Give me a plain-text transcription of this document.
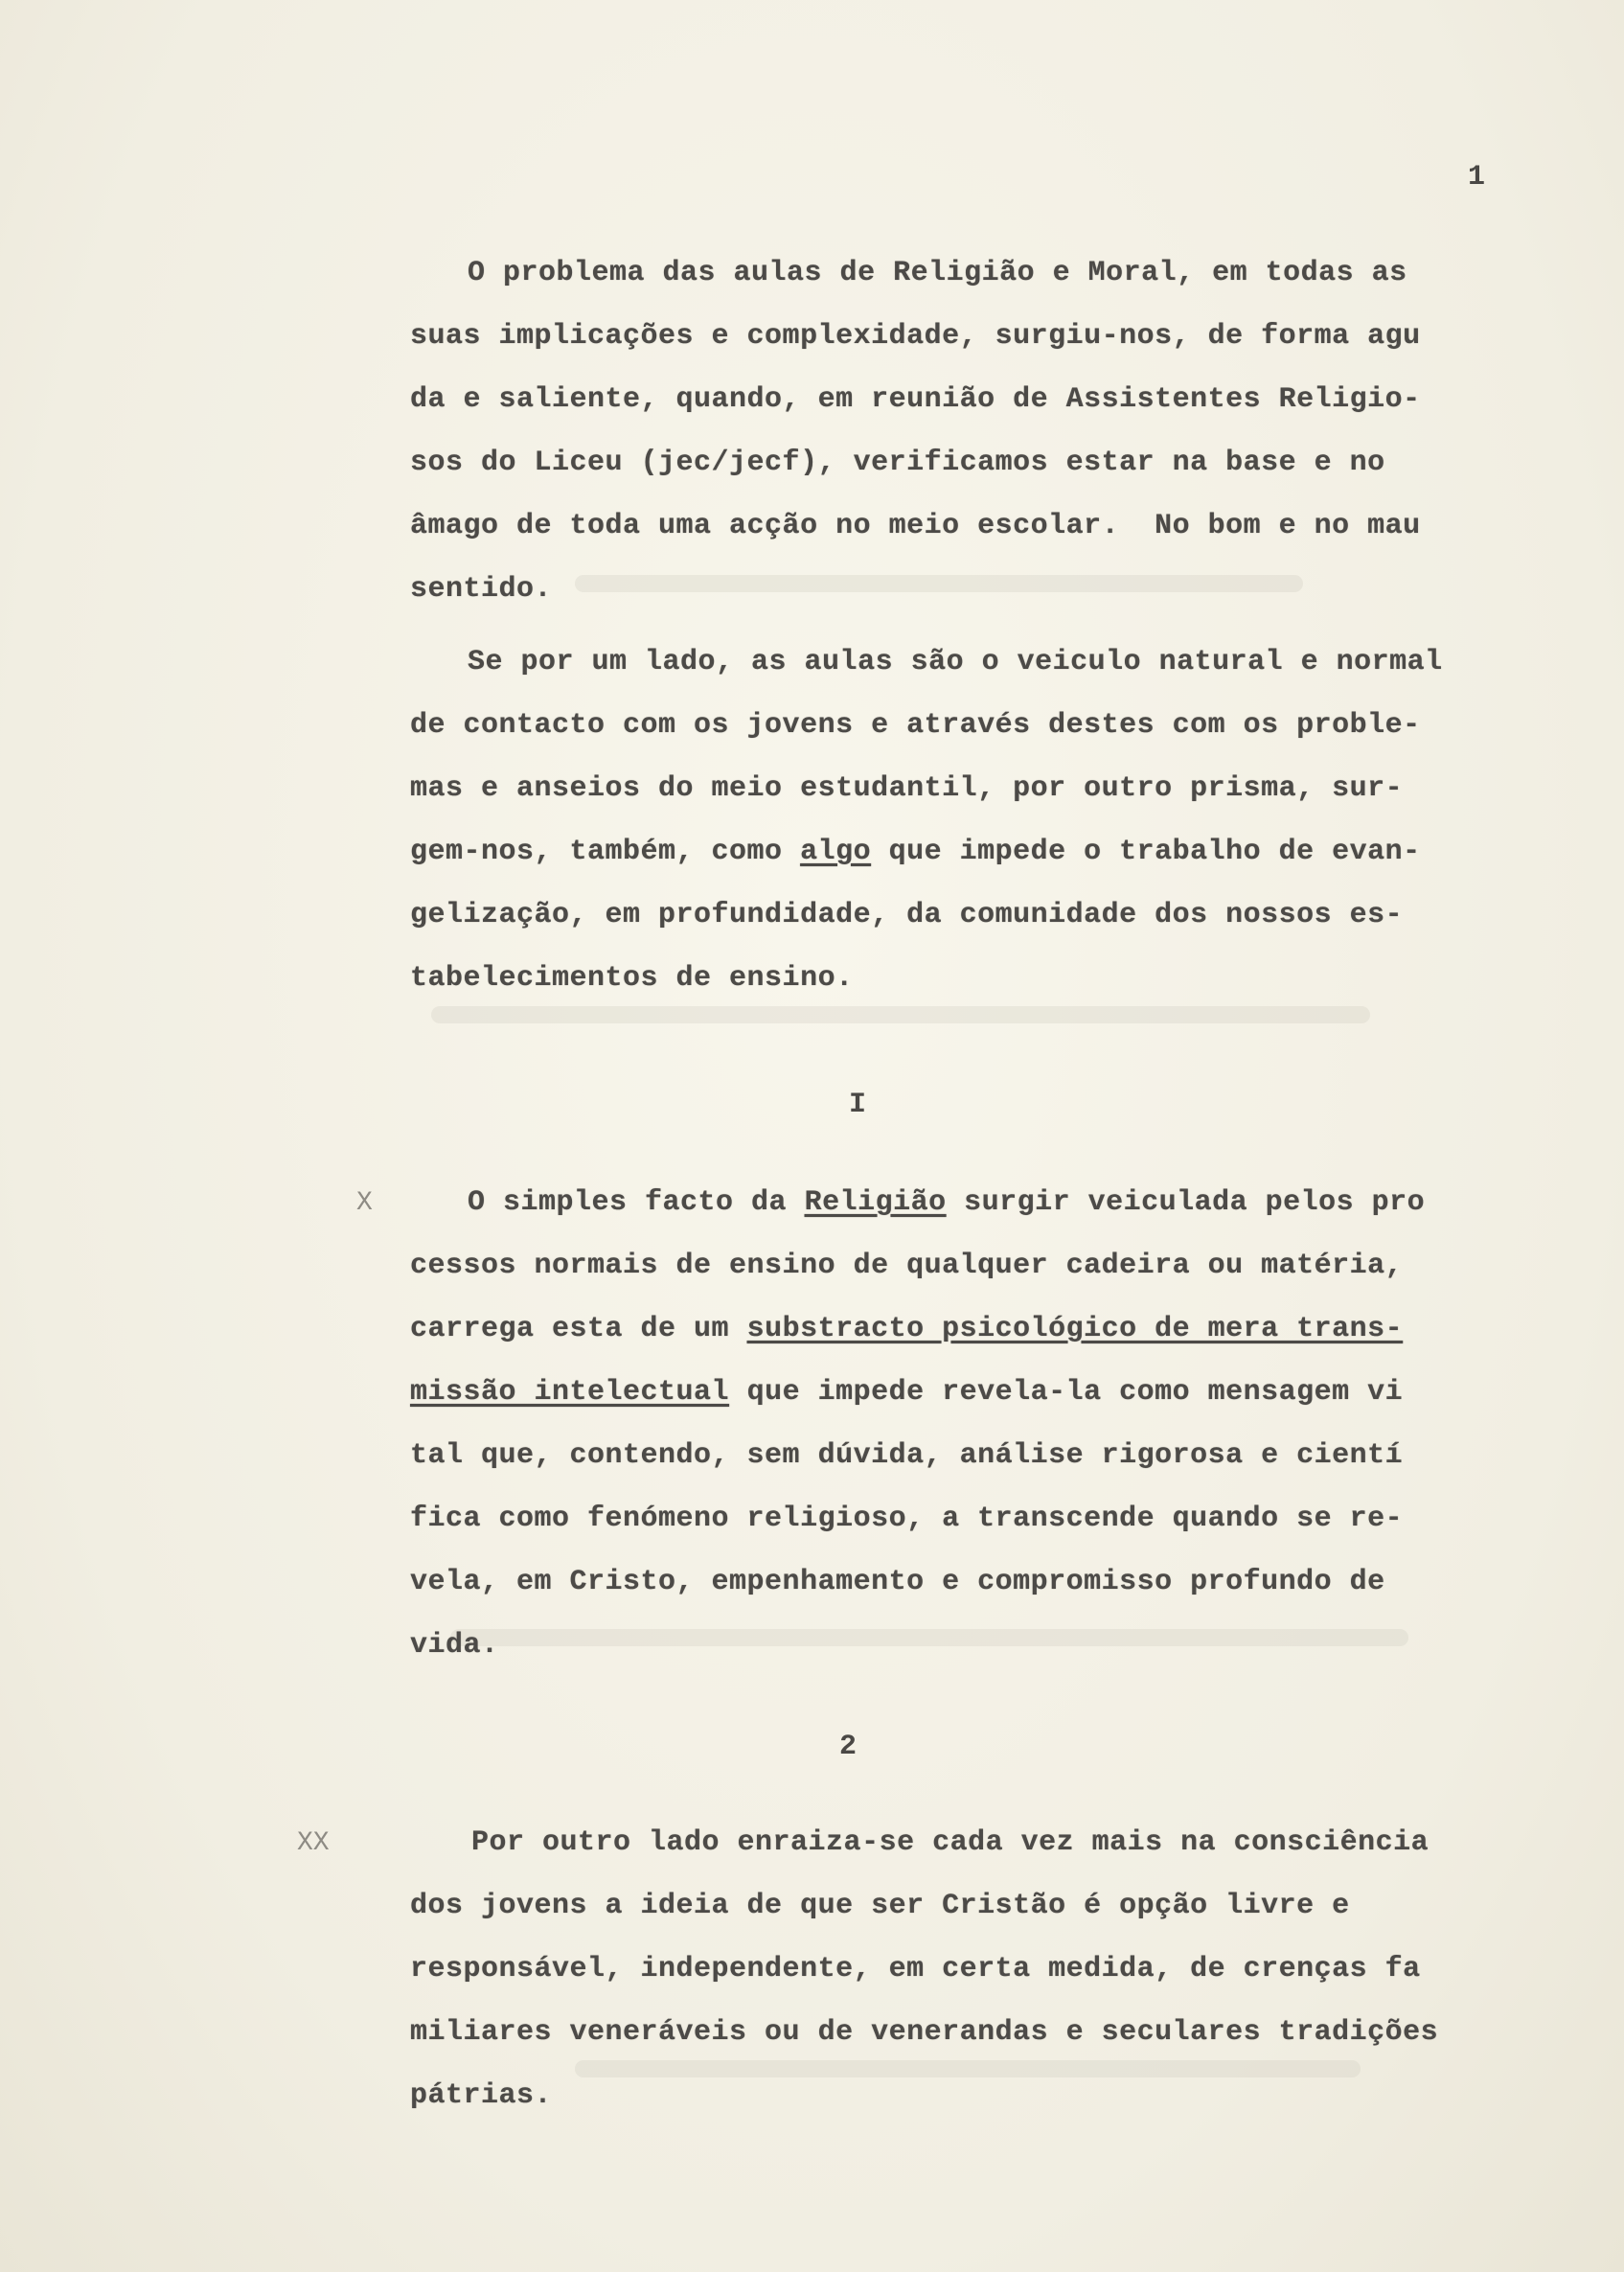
1

O problema das aulas de Religião e Moral, em todas as

suas implicações e complexidade, surgiu-nos, de forma agu

da e saliente, quando, em reunião de Assistentes Religio-

sos do Liceu (jec/jecf), verificamos estar na base e no

âmago de toda uma acção no meio escolar.  No bom e no mau

sentido.

Se por um lado, as aulas são o veiculo natural e normal

de contacto com os jovens e através destes com os proble-

mas e anseios do meio estudantil, por outro prisma, sur-

gem-nos, também, como algo que impede o trabalho de evan-

gelização, em profundidade, da comunidade dos nossos es-

tabelecimentos de ensino.

I
X	O simples facto da Religião surgir veiculada pelos pro

cessos normais de ensino de qualquer cadeira ou matéria,

carrega esta de um substracto psicológico de mera trans-

missão intelectual que impede revela-la como mensagem vi

tal que, contendo, sem dúvida, análise rigorosa e cientí

fica como fenómeno religioso, a transcende quando se re-

vela, em Cristo, empenhamento e compromisso profundo de

vida.

2
XX	Por outro lado enraiza-se cada vez mais na consciência

dos jovens a ideia de que ser Cristão é opção livre e

responsável, independente, em certa medida, de crenças fa

miliares veneráveis ou de venerandas e seculares tradições

pátrias.
